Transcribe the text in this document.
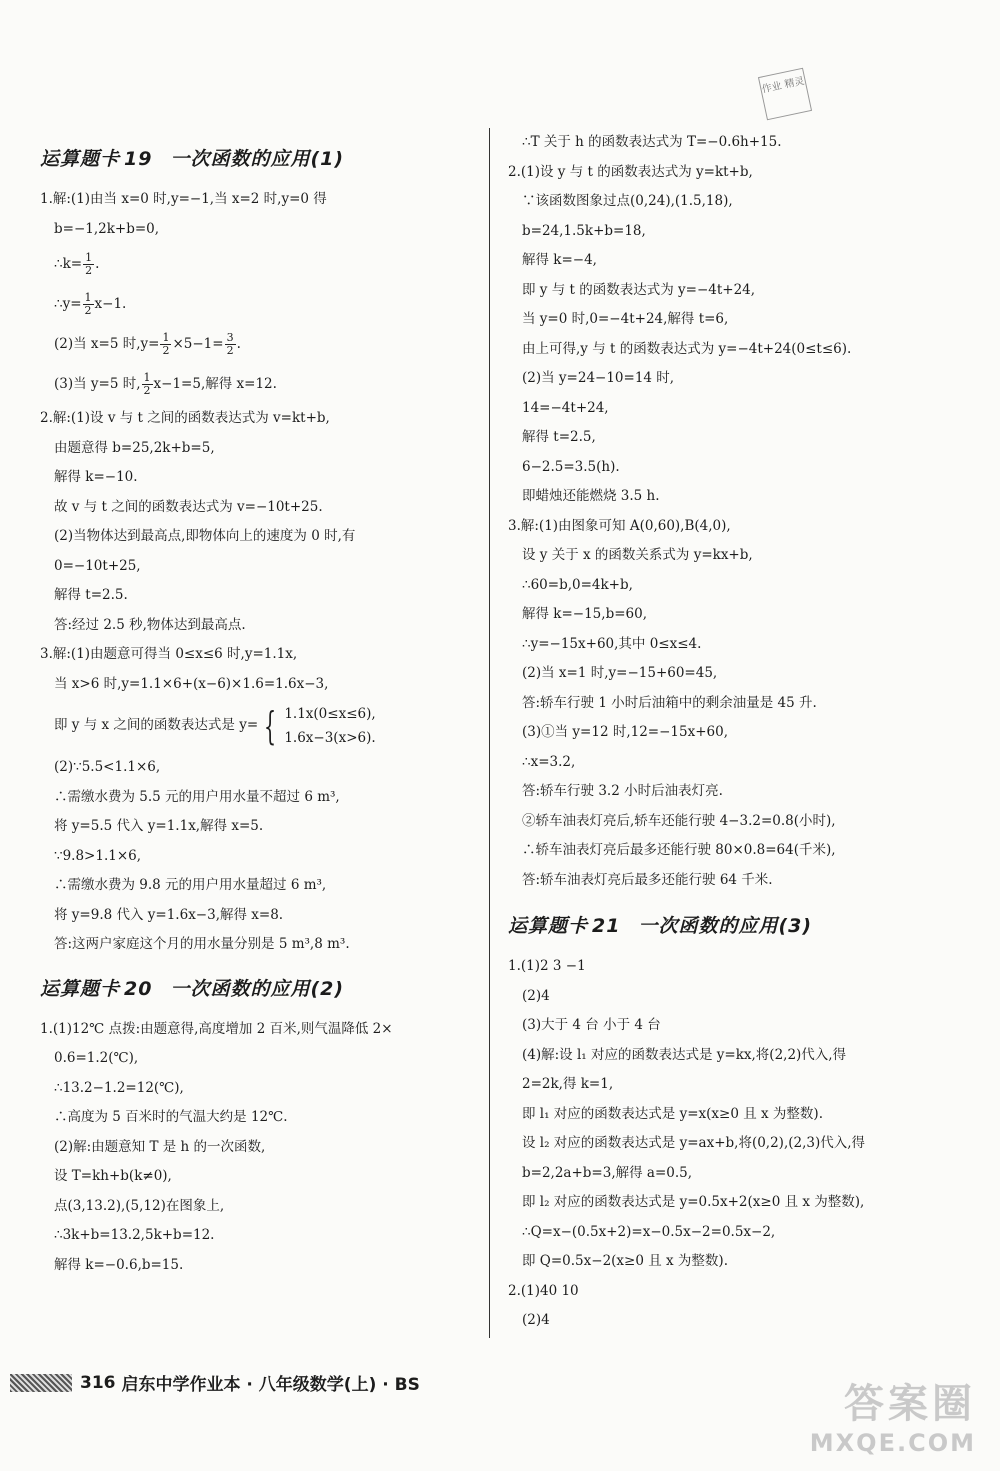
作业 精灵
运算题卡 19 一次函数的应用(1)
1.解:(1)由当 x=0 时,y=−1,当 x=2 时,y=0 得
b=−1,2k+b=0,
∴k= $\frac{1}{2}$ .
∴y= $\frac{1}{2} x-1$.
(2)当 x=5 时$,y= \frac{1}{2} \times 5-1= \frac{3}{2}$ .
(3)当 y=5 时, $\frac{1}{2} x-1=5$,解得 x=12.
2.解:(1)设 v 与 t 之间的函数表达式为 v=kt+b,
由题意得 b=25,2k+b=5,
解得 k=−10.
故 v 与 t 之间的函数表达式为 v=−10t+25.
(2)当物体达到最高点,即物体向上的速度为 0 时,有
0=−10t+25,
解得 t=2.5.
答:经过 2.5 秒,物体达到最高点.
3.解:(1)由题意可得当 0≤x≤6 时,y=1.1x,
当 x>6 时,y=1.1×6+(x−6)×1.6=1.6x−3,
即 y 与 x 之间的函数表达式是 y= { 1.1x(0≤x≤6),
1.6x−3(x>6).
(2)∵5.5<1.1×6,
∴需缴水费为 5.5 元的用户用水量不超过 6 m³,
将 y=5.5 代入 y=1.1x,解得 x=5.
∵9.8>1.1×6,
∴需缴水费为 9.8 元的用户用水量超过 6 m³,
将 y=9.8 代入 y=1.6x−3,解得 x=8.
答:这两户家庭这个月的用水量分别是 5 m³,8 m³.
运算题卡 20 一次函数的应用(2)
1.(1)12℃ 点拨:由题意得,高度增加 2 百米,则气温降低 2×
0.6=1.2(℃),
∴13.2−1.2=12(℃),
∴高度为 5 百米时的气温大约是 12℃.
(2)解:由题意知 T 是 h 的一次函数,
设 T=kh+b(k≠0),
点(3,13.2),(5,12)在图象上,
∴3k+b=13.2,5k+b=12.
解得 k=−0.6,b=15.
∴T 关于 h 的函数表达式为 T=−0.6h+15.
2.(1)设 y 与 t 的函数表达式为 y=kt+b,
∵该函数图象过点(0,24),(1.5,18),
b=24,1.5k+b=18,
解得 k=−4,
即 y 与 t 的函数表达式为 y=−4t+24,
当 y=0 时,0=−4t+24,解得 t=6,
由上可得,y 与 t 的函数表达式为 y=−4t+24(0≤t≤6).
(2)当 y=24−10=14 时,
14=−4t+24,
解得 t=2.5,
6−2.5=3.5(h).
即蜡烛还能燃烧 3.5 h.
3.解:(1)由图象可知 A(0,60),B(4,0),
设 y 关于 x 的函数关系式为 y=kx+b,
∴60=b,0=4k+b,
解得 k=−15,b=60,
∴y=−15x+60,其中 0≤x≤4.
(2)当 x=1 时,y=−15+60=45,
答:轿车行驶 1 小时后油箱中的剩余油量是 45 升.
(3)①当 y=12 时,12=−15x+60,
∴x=3.2,
答:轿车行驶 3.2 小时后油表灯亮.
②轿车油表灯亮后,轿车还能行驶 4−3.2=0.8(小时),
∴轿车油表灯亮后最多还能行驶 80×0.8=64(千米),
答:轿车油表灯亮后最多还能行驶 64 千米.
运算题卡 21 一次函数的应用(3)
1.(1)2 3 −1
(2)4
(3)大于 4 台 小于 4 台
(4)解:设 l₁ 对应的函数表达式是 y=kx,将(2,2)代入,得
2=2k,得 k=1,
即 l₁ 对应的函数表达式是 y=x(x≥0 且 x 为整数).
设 l₂ 对应的函数表达式是 y=ax+b,将(0,2),(2,3)代入,得
b=2,2a+b=3,解得 a=0.5,
即 l₂ 对应的函数表达式是 y=0.5x+2(x≥0 且 x 为整数),
∴Q=x−(0.5x+2)=x−0.5x−2=0.5x−2,
即 Q=0.5x−2(x≥0 且 x 为整数).
2.(1)40 10
(2)4
316 启东中学作业本 · 八年级数学(上) · BS	答案圈
MXQE.COM
